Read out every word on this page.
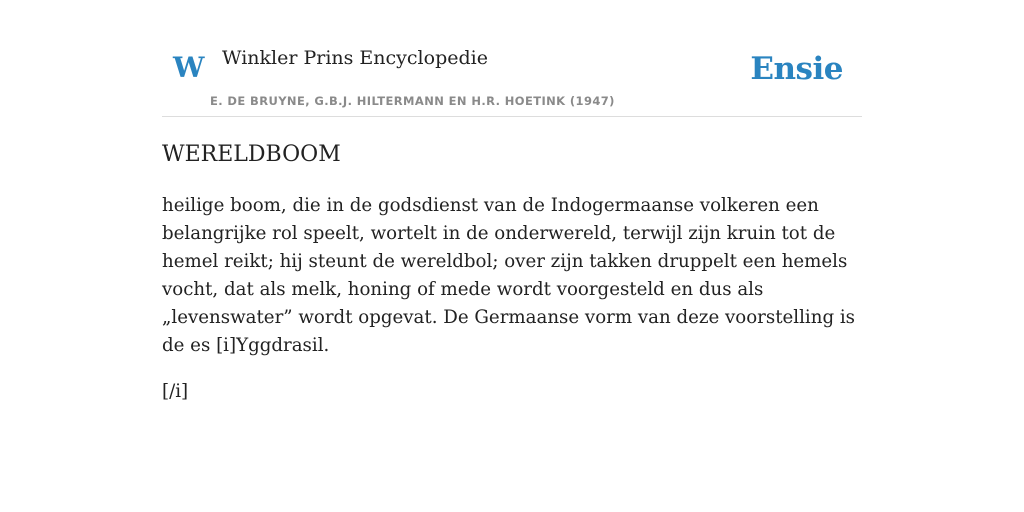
W Winkler Prins Encyclopedie
E. DE BRUYNE, G.B.J. HILTERMANN EN H.R. HOETINK (1947)
Ensie
WERELDBOOM

heilige boom, die in de godsdienst van de Indogermaanse volkeren een belangrijke rol speelt, wortelt in de onderwereld, terwijl zijn kruin tot de hemel reikt; hij steunt de wereldbol; over zijn takken druppelt een hemels vocht, dat als melk, honing of mede wordt voorgesteld en dus als „levenswater” wordt opgevat. De Germaanse vorm van deze voorstelling is de es [i]Yggdrasil.

[/i]
